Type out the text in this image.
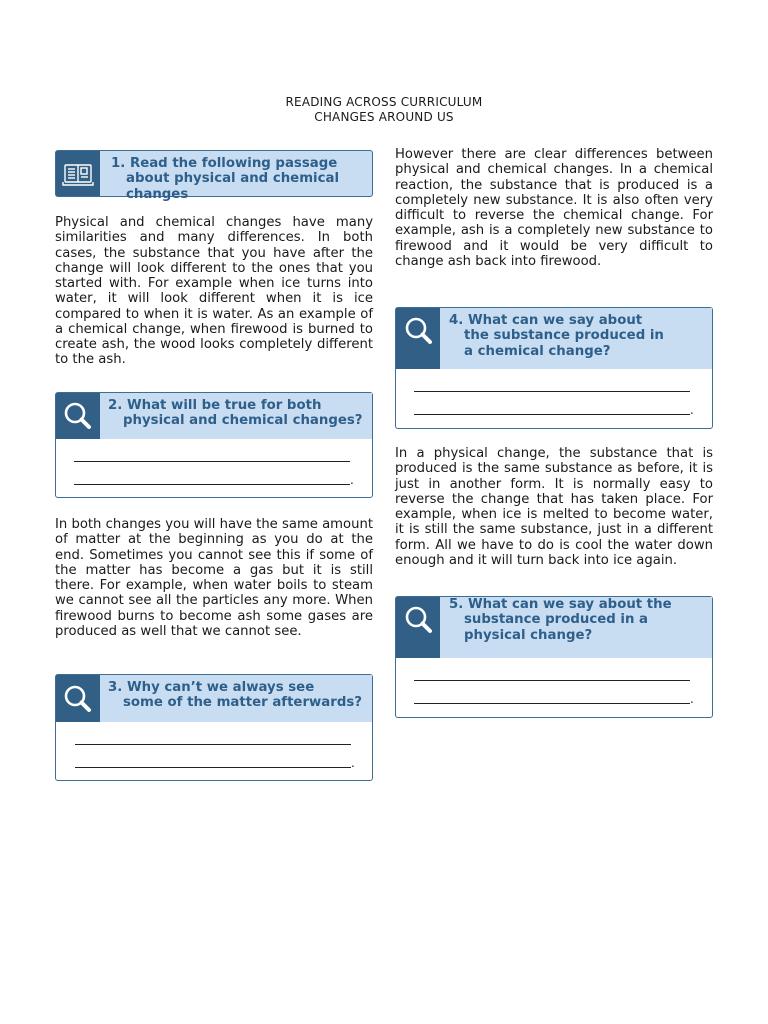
READING ACROSS CURRICULUM
CHANGES AROUND US
1. Read the following passage
about physical and chemical changes
Physical and chemical changes have many similarities and many differences. In both cases, the substance that you have after the change will look different to the ones that you started with. For example when ice turns into water, it will look different when it is ice compared to when it is water. As an example of a chemical change, when firewood is burned to create ash, the wood looks completely different to the ash.
2. What will be true for both
physical and chemical changes?
.
In both changes you will have the same amount of matter at the beginning as you do at the end. Sometimes you cannot see this if some of the matter has become a gas but it is still there. For example, when water boils to steam we cannot see all the particles any more. When firewood burns to become ash some gases are produced as well that we cannot see.
3. Why can’t we always see
some of the matter afterwards?
.
However there are clear differences between physical and chemical changes. In a chemical reaction, the substance that is produced is a completely new substance. It is also often very difficult to reverse the chemical change. For example, ash is a completely new substance to firewood and it would be very difficult to change ash back into firewood.
4. What can we say about
the substance produced in a chemical change?
.
In a physical change, the substance that is produced is the same substance as before, it is just in another form. It is normally easy to reverse the change that has taken place. For example, when ice is melted to become water, it is still the same substance, just in a different form. All we have to do is cool the water down enough and it will turn back into ice again.
5. What can we say about the
substance produced in a physical change?
.
